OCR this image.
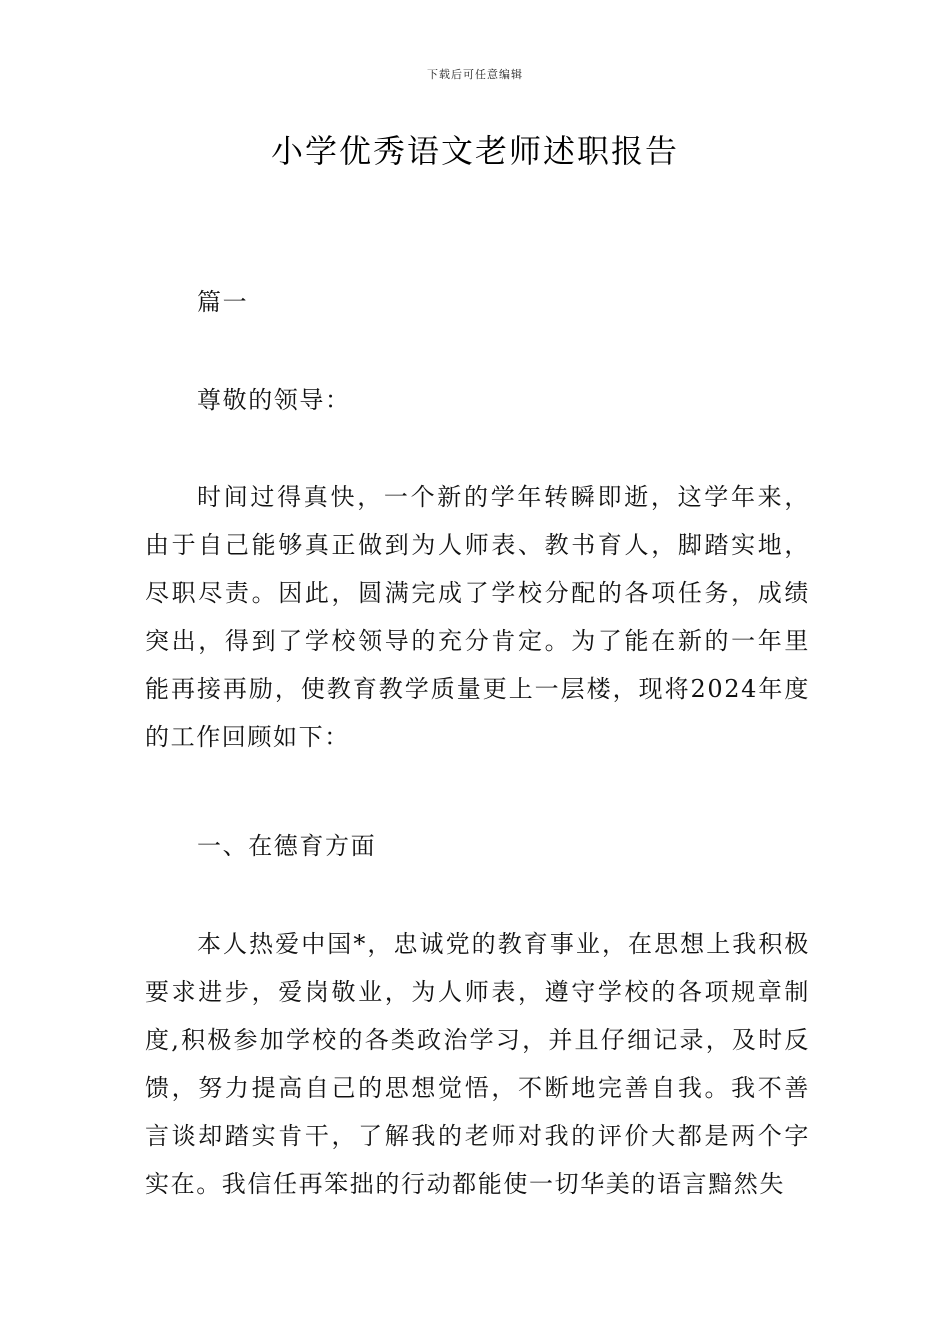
下载后可任意编辑
小学优秀语文老师述职报告

篇一

尊敬的领导：

时间过得真快，一个新的学年转瞬即逝，这学年来，由于自己能够真正做到为人师表、教书育人，脚踏实地，尽职尽责。因此，圆满完成了学校分配的各项任务，成绩突出，得到了学校领导的充分肯定。为了能在新的一年里能再接再励，使教育教学质量更上一层楼，现将2024年度的工作回顾如下：

一、在德育方面

本人热爱中国*，忠诚党的教育事业，在思想上我积极要求进步，爱岗敬业，为人师表，遵守学校的各项规章制度,积极参加学校的各类政治学习，并且仔细记录，及时反馈，努力提高自己的思想觉悟，不断地完善自我。我不善言谈却踏实肯干，了解我的老师对我的评价大都是两个字实在。我信任再笨拙的行动都能使一切华美的语言黯然失
